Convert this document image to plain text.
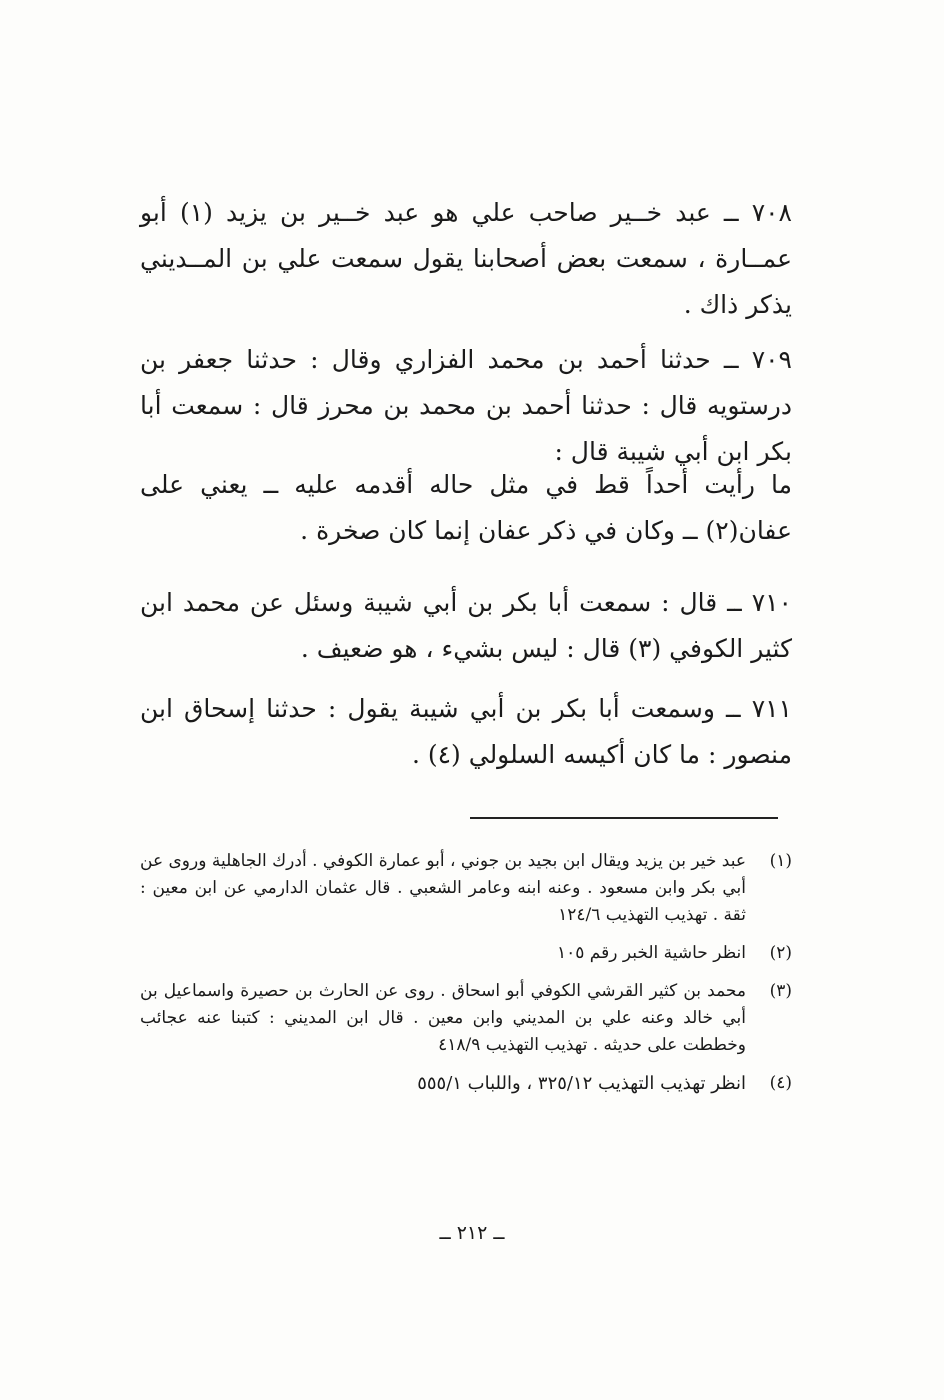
٧٠٨ ــ عبد خــير صاحب علي هو عبد خــير بن يزيد (١) أبو عمــارة ، سمعت بعض أصحابنا يقول سمعت علي بن المــديني يذكر ذاك .

٧٠٩ ــ حدثنا أحمد بن محمد الفزاري وقال : حدثنا جعفر بن درستويه قال : حدثنا أحمد بن محمد بن محرز قال : سمعت أبا بكر ابن أبي شيبة قال :

ما رأيت أحداً قط في مثل حاله أقدمه عليه ــ يعني على عفان(٢) ــ وكان في ذكر عفان إنما كان صخرة .

٧١٠ ــ قال : سمعت أبا بكر بن أبي شيبة وسئل عن محمد ابن كثير الكوفي (٣) قال : ليس بشيء ، هو ضعيف .

٧١١ ــ وسمعت أبا بكر بن أبي شيبة يقول : حدثنا إسحاق ابن منصور : ما كان أكيسه السلولي (٤) .

(١)
عبد خير بن يزيد ويقال ابن بجيد بن جوني ، أبو عمارة الكوفي . أدرك الجاهلية وروى عن أبي بكر وابن مسعود . وعنه ابنه وعامر الشعبي . قال عثمان الدارمي عن ابن معين : ثقة . تهذيب التهذيب ١٢٤/٦
(٢)
انظر حاشية الخبر رقم ١٠٥
(٣)
محمد بن كثير القرشي الكوفي أبو اسحاق . روى عن الحارث بن حصيرة واسماعيل بن أبي خالد وعنه علي بن المديني وابن معين . قال ابن المديني : كتبنا عنه عجائب وخططت على حديثه . تهذيب التهذيب ٤١٨/٩
(٤)
انظر تهذيب التهذيب ٣٢٥/١٢ ، واللباب ٥٥٥/١
ــ ٢١٢ ــ
